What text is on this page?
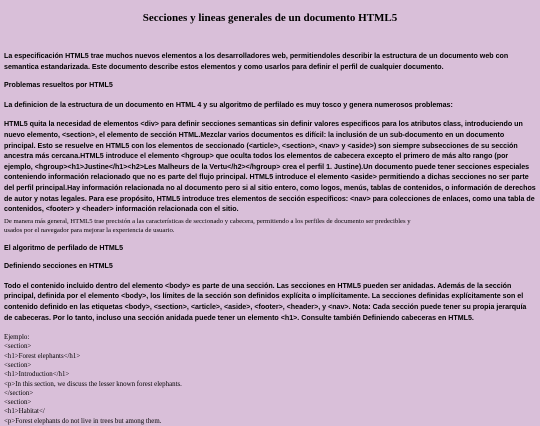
Secciones y lineas generales de un documento HTML5

La especificación HTML5 trae muchos nuevos elementos a los desarrolladores web, permitiendoles describir la estructura de un documento web con semantica estandarizada. Este documento describe estos elementos y como usarlos para definir el perfil de cualquier documento.

Problemas resueltos por HTML5

La definicion de la estructura de un documento en HTML 4 y su algoritmo de perfilado es muy tosco y genera numerosos problemas:

HTML5 quita la necesidad de elementos <div> para definir secciones semanticas sin definir valores especificos para los atributos class, introduciendo un nuevo elemento, <section>, el elemento de sección HTML.Mezclar varios documentos es difícil: la inclusión de un sub-documento en un documento principal. Esto se resuelve en HTML5 con los elementos de seccionado (<article>, <section>, <nav> y <aside>) son siempre subsecciones de su sección ancestra más cercana.HTML5 introduce el elemento <hgroup> que oculta todos los elementos de cabecera excepto el primero de más alto rango (por ejemplo, <hgroup><h1>Justine</h1><h2>Les Malheurs de la Vertu</h2></hgroup> crea el perfil 1. Justine).Un documento puede tener secciones especiales conteniendo información relacionado que no es parte del flujo principal. HTML5 introduce el elemento <aside> permitiendo a dichas secciones no ser parte del perfil principal.Hay información relacionada no al documento pero si al sitio entero, como logos, menús, tablas de contenidos, o información de derechos de autor y notas legales. Para ese propósito, HTML5 introduce tres elementos de sección específicos: <nav> para colecciones de enlaces, como una tabla de contenidos, <footer> y <header> información relacionada con el sitio.

De manera más general, HTML5 trae precisión a las características de seccionado y cabecera, permitiendo a los perfiles de documento ser predecibles y usados por el navegador para mejorar la experiencia de usuario.

El algoritmo de perfilado de HTML5

Definiendo secciones en HTML5

Todo el contenido incluido dentro del elemento <body> es parte de una sección. Las secciones en HTML5 pueden ser anidadas. Además de la sección principal, definida por el elemento <body>, los límites de la sección son definidos explícita o implícitamente. La secciones definidas explícitamente son el contenido definido en las etiquetas <body>, <section>, <article>, <aside>, <footer>, <header>, y <nav>. Nota: Cada sección puede tener su propia jerarquía de cabeceras. Por lo tanto, incluso una sección anidada puede tener un elemento <h1>. Consulte también Definiendo cabeceras en HTML5.

Ejemplo:
<section>
<h1>Forest elephants</h1>
<section>
<h1>Introduction</h1>
<p>In this section, we discuss the lesser known forest elephants.
</section>
<section>
<h1>Habitat</
<p>Forest elephants do not live in trees but among them.
